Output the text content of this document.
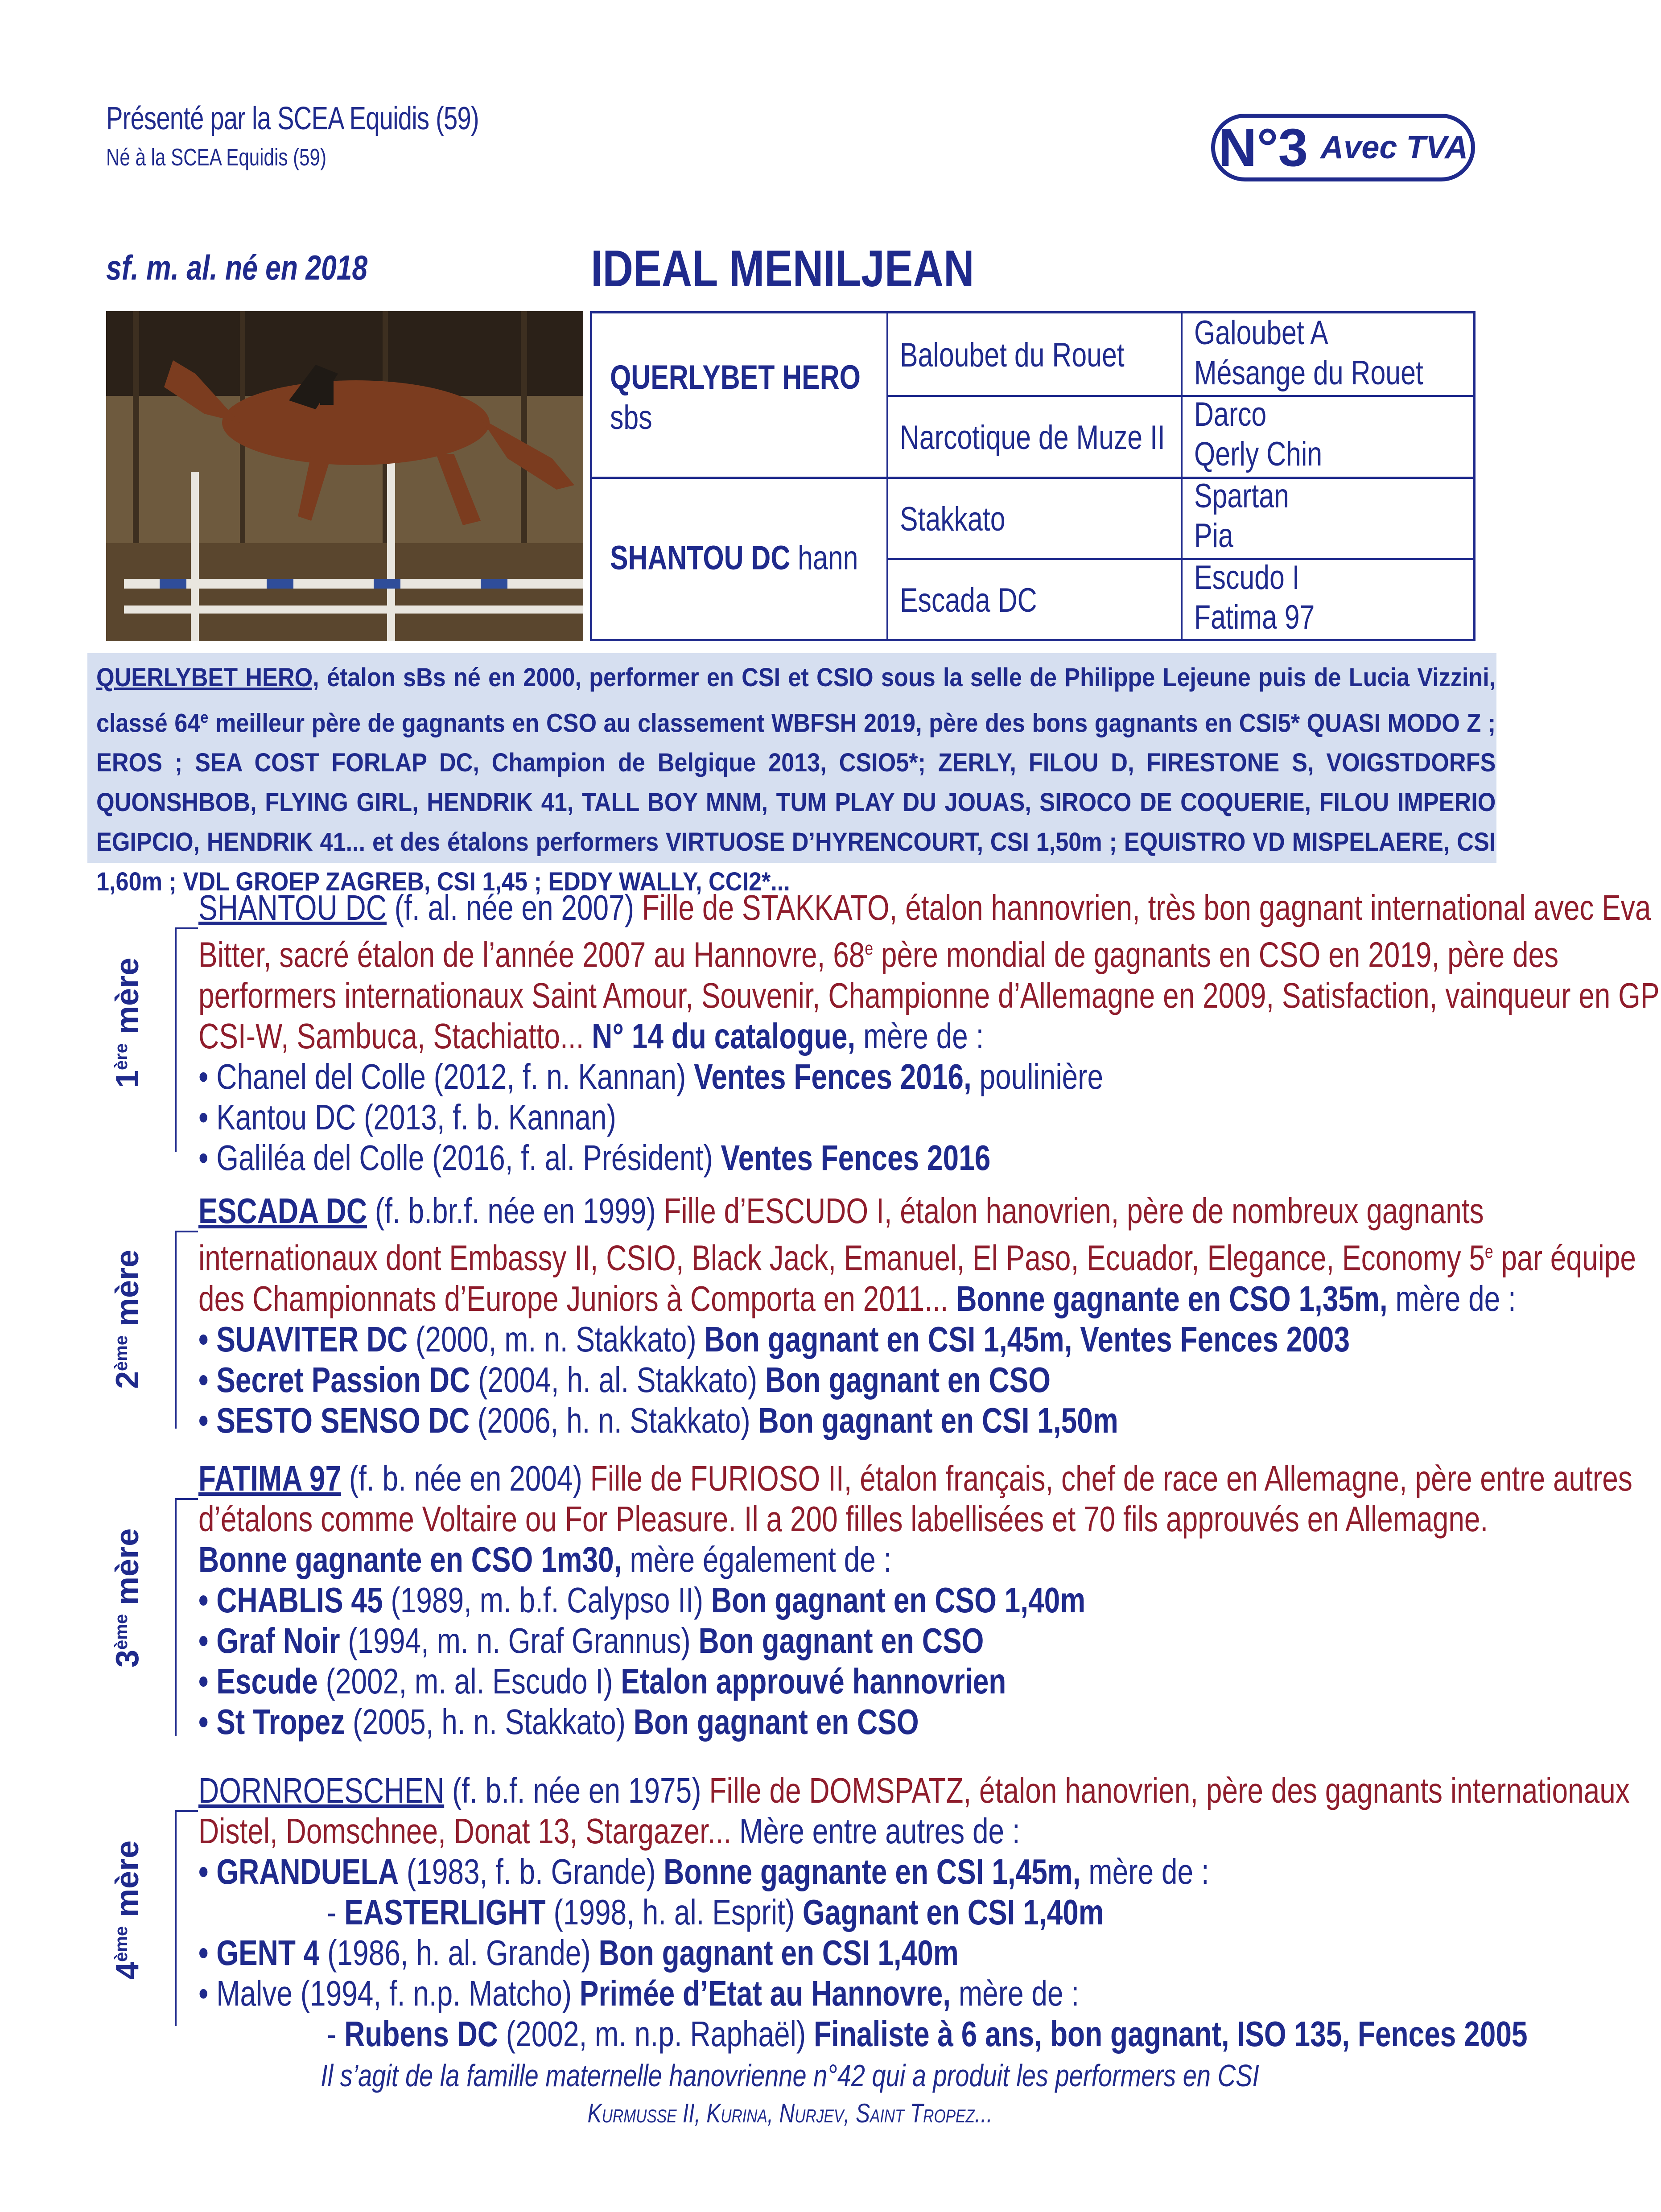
Présenté par la SCEA Equidis (59)
Né à la SCEA Equidis (59)	N°3 Avec TVA
sf. m. al. né en 2018	IDEAL MENILJEAN
QUERLYBET HERO
sbs
SHANTOU DC hann
Baloubet du Rouet
Narcotique de Muze II
Stakkato
Escada DC
Galoubet A
Mésange du Rouet
Darco
Qerly Chin
Spartan
Pia
Escudo I
Fatima 97

QUERLYBET HERO, étalon sBs né en 2000, performer en CSI et CSIO sous la selle de Philippe Lejeune puis de Lucia Vizzini, classé 64e meilleur père de gagnants en CSO au classement WBFSH 2019, père des bons gagnants en CSI5* QUASI MODO Z ; EROS ; SEA COST FORLAP DC, Champion de Belgique 2013, CSIO5*; ZERLY, FILOU D, FIRESTONE S, VOIGSTDORFS QUONSHBOB, FLYING GIRL, HENDRIK 41, TALL BOY MNM, TUM PLAY DU JOUAS, SIROCO DE COQUERIE, FILOU IMPERIO EGIPCIO, HENDRIK 41... et des étalons performers VIRTUOSE D’HYRENCOURT, CSI 1,50m ; EQUISTRO VD MISPELAERE, CSI 1,60m ; VDL GROEP ZAGREB, CSI 1,45 ; EDDY WALLY, CCI2*...

1ère mère

SHANTOU DC (f. al. née en 2007) Fille de STAKKATO, étalon hannovrien, très bon gagnant international avec Eva Bitter, sacré étalon de l’année 2007 au Hannovre, 68e père mondial de gagnants en CSO en 2019, père des performers internationaux Saint Amour, Souvenir, Championne d’Allemagne en 2009, Satisfaction, vainqueur en GP CSI-W, Sambuca, Stachiatto... N° 14 du catalogue, mère de :

• Chanel del Colle (2012, f. n. Kannan) Ventes Fences 2016, poulinière

• Kantou DC (2013, f. b. Kannan)

• Galiléa del Colle (2016, f. al. Président) Ventes Fences 2016

2ème mère

ESCADA DC (f. b.br.f. née en 1999) Fille d’ESCUDO I, étalon hanovrien, père de nombreux gagnants internationaux dont Embassy II, CSIO, Black Jack, Emanuel, El Paso, Ecuador, Elegance, Economy 5e par équipe des Championnats d’Europe Juniors à Comporta en 2011... Bonne gagnante en CSO 1,35m, mère de :

• SUAVITER DC (2000, m. n. Stakkato) Bon gagnant en CSI 1,45m, Ventes Fences 2003

• Secret Passion DC (2004, h. al. Stakkato) Bon gagnant en CSO

• SESTO SENSO DC (2006, h. n. Stakkato) Bon gagnant en CSI 1,50m

3ème mère

FATIMA 97 (f. b. née en 2004) Fille de FURIOSO II, étalon français, chef de race en Allemagne, père entre autres d’étalons comme Voltaire ou For Pleasure. Il a 200 filles labellisées et 70 fils approuvés en Allemagne.

Bonne gagnante en CSO 1m30, mère également de :

• CHABLIS 45 (1989, m. b.f. Calypso II) Bon gagnant en CSO 1,40m

• Graf Noir (1994, m. n. Graf Grannus) Bon gagnant en CSO

• Escude (2002, m. al. Escudo I) Etalon approuvé hannovrien

• St Tropez (2005, h. n. Stakkato) Bon gagnant en CSO

4ème mère

DORNROESCHEN (f. b.f. née en 1975) Fille de DOMSPATZ, étalon hanovrien, père des gagnants internationaux Distel, Domschnee, Donat 13, Stargazer... Mère entre autres de :

• GRANDUELA (1983, f. b. Grande) Bonne gagnante en CSI 1,45m, mère de :

- EASTERLIGHT (1998, h. al. Esprit) Gagnant en CSI 1,40m

• GENT 4 (1986, h. al. Grande) Bon gagnant en CSI 1,40m

• Malve (1994, f. n.p. Matcho) Primée d’Etat au Hannovre, mère de :

- Rubens DC (2002, m. n.p. Raphaël) Finaliste à 6 ans, bon gagnant, ISO 135, Fences 2005

Il s’agit de la famille maternelle hanovrienne n°42 qui a produit les performers en CSI
Kurmusse II, Kurina, Nurjev, Saint Tropez...
